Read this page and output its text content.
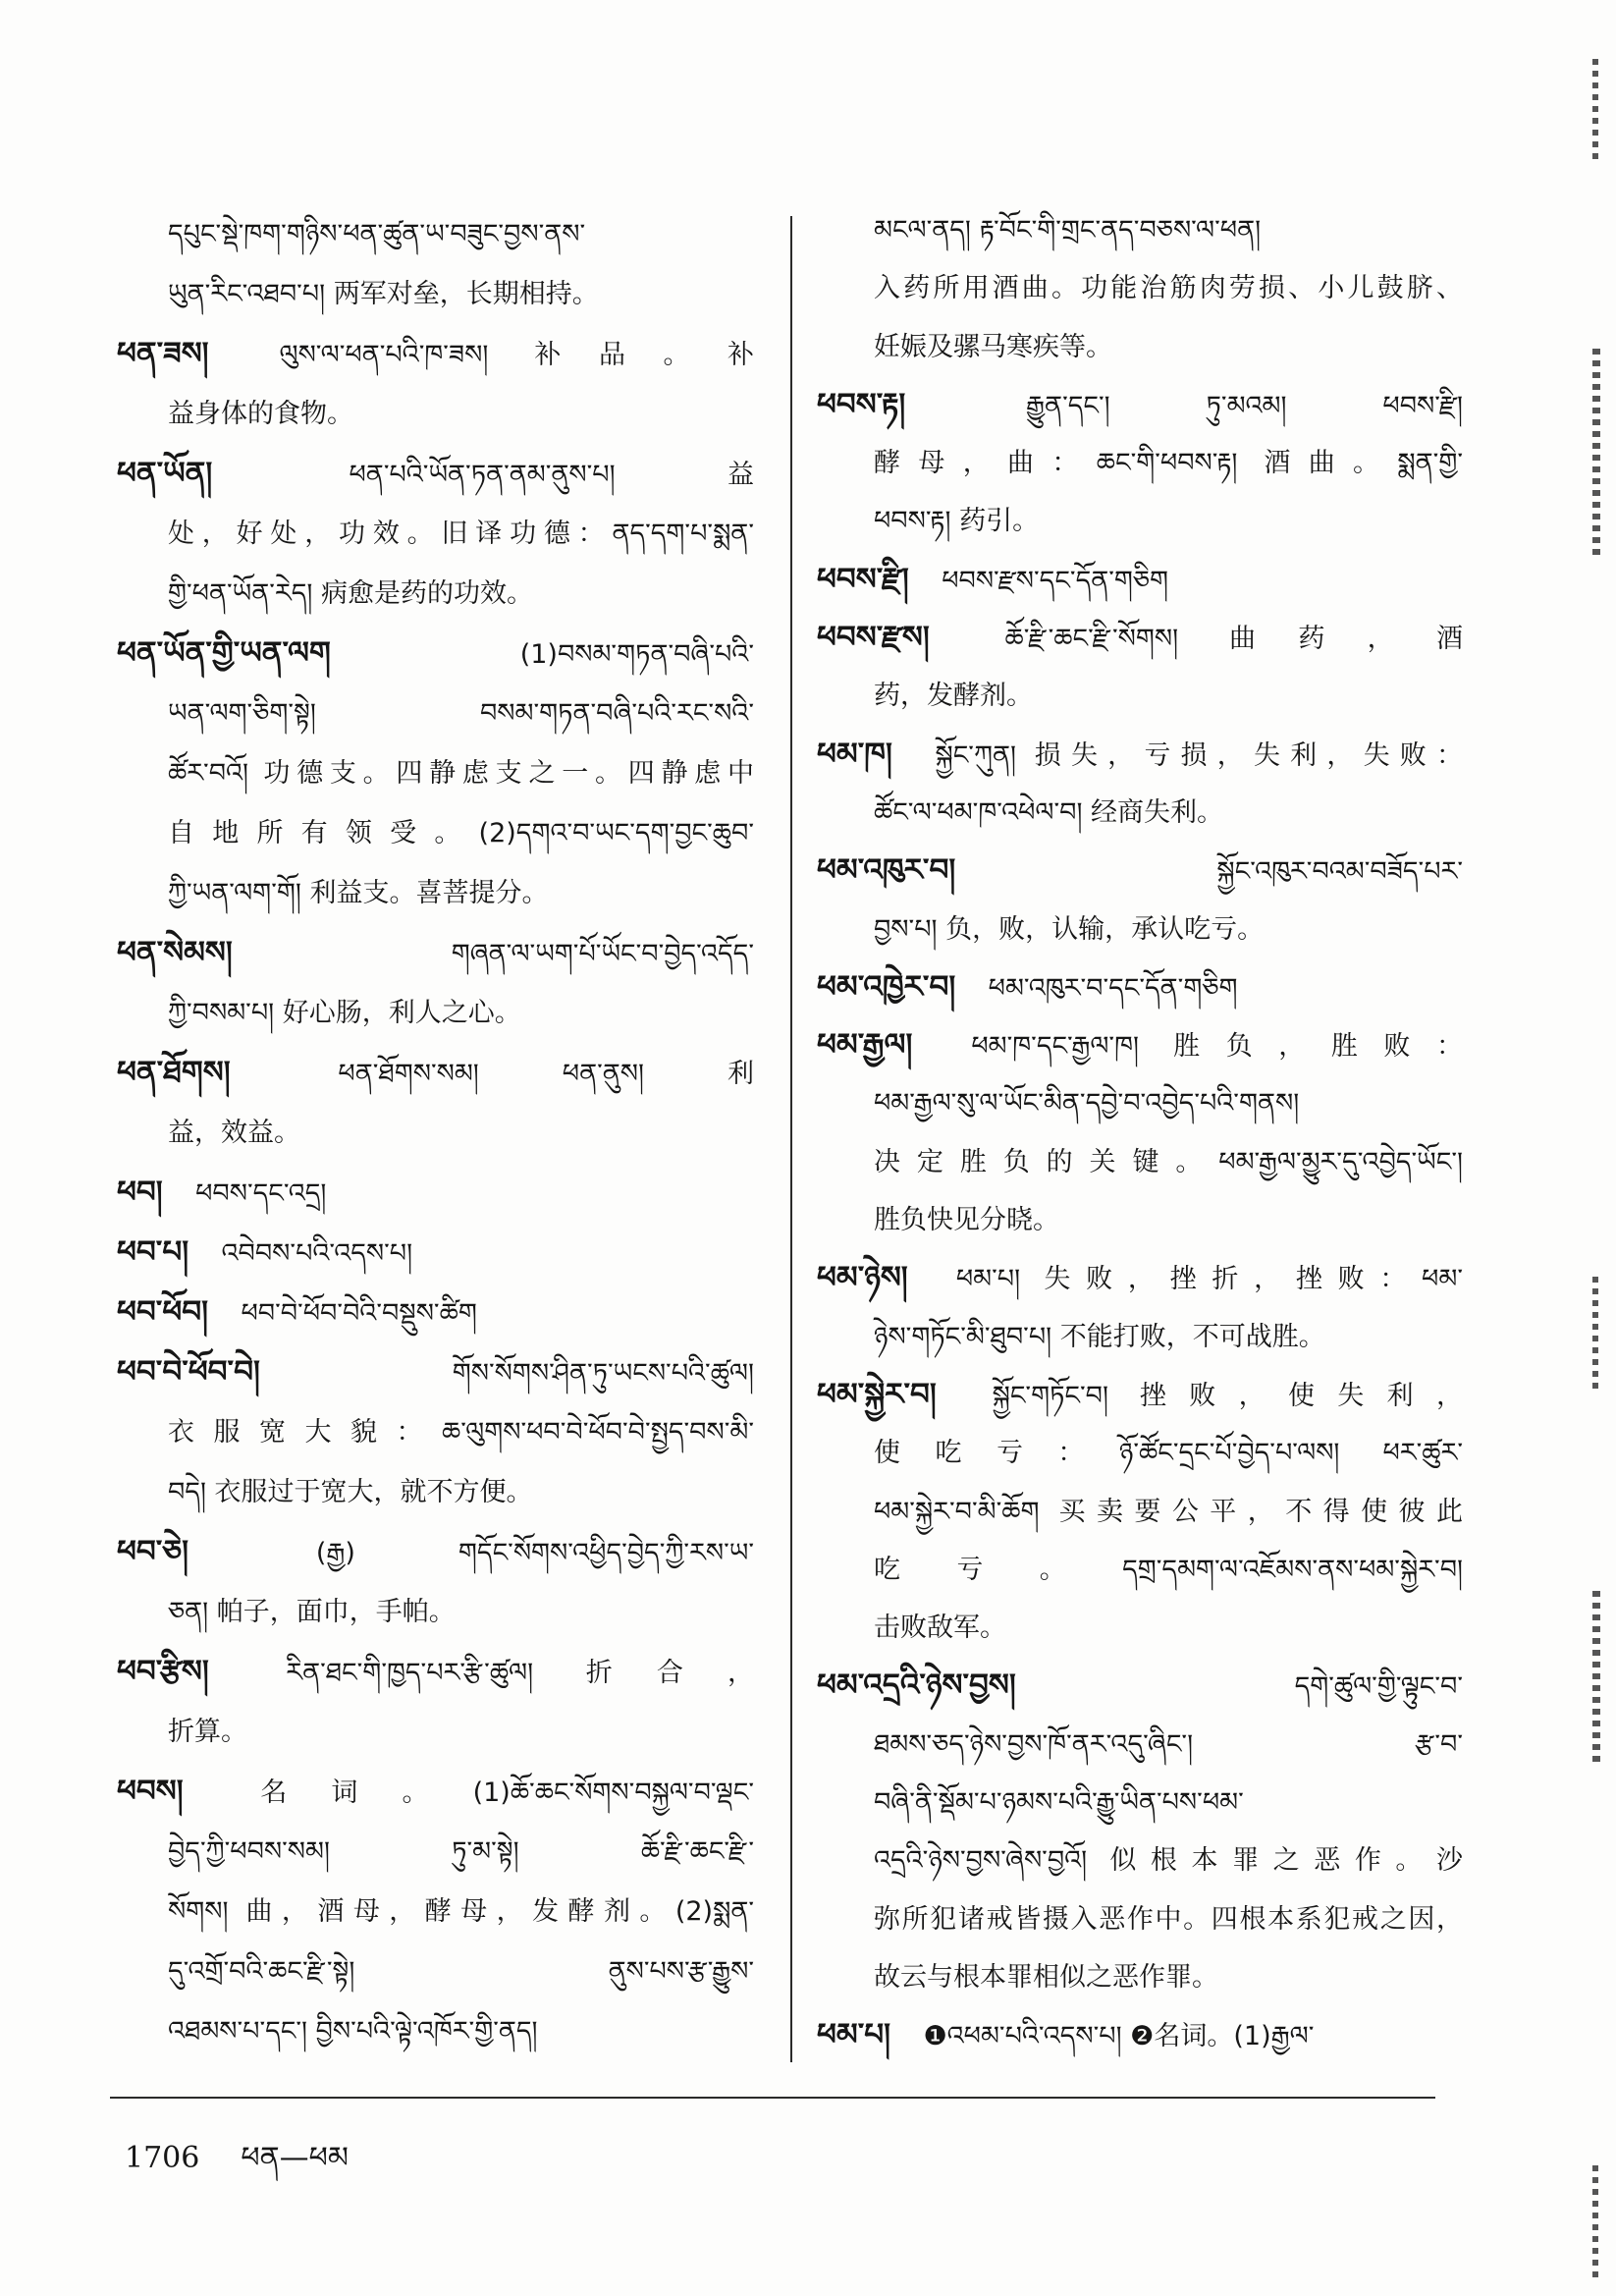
དཔུང་སྡེ་ཁག་གཉིས་ཕན་ཚུན་ཡ་བཟུང་བྱས་ནས་
ཡུན་རིང་འཐབ་པ། 两军对垒，长期相持。
ཕན་ཟས།	ལུས་ལ་ཕན་པའི་ཁ་ཟས། 补品。补
益身体的食物。
ཕན་ཡོན།	ཕན་པའི་ཡོན་ཏན་ནམ་ནུས་པ། 益
处，好处，功效。旧译功德：ནད་དག་པ་སྨན་
གྱི་ཕན་ཡོན་རེད། 病愈是药的功效。
ཕན་ཡོན་གྱི་ཡན་ལག	(1)བསམ་གཏན་བཞི་པའི་
ཡན་ལག་ཅིག་སྟེ། བསམ་གཏན་བཞི་པའི་རང་སའི་
ཚོར་བའོ། 功德支。四静虑支之一。四静虑中
自地所有领受。(2)དགའ་བ་ཡང་དག་བྱང་ཆུབ་
ཀྱི་ཡན་ལག་གོ། 利益支。喜菩提分。
ཕན་སེམས།	གཞན་ལ་ཡག་པོ་ཡོང་བ་བྱེད་འདོད་
ཀྱི་བསམ་པ། 好心肠，利人之心。
ཕན་ཐོགས།	ཕན་ཐོགས་སམ། ཕན་ནུས། 利
益，效益。
ཕབ། ཕབས་དང་འདྲ།
ཕབ་པ། འབེབས་པའི་འདས་པ།
ཕབ་ཕོབ། ཕབ་བེ་ཕོབ་བེའི་བསྡུས་ཚིག
ཕབ་བེ་ཕོབ་བེ།	གོས་སོགས་ཤིན་ཏུ་ཡངས་པའི་ཚུལ།
衣服宽大貌：ཆ་ལུགས་ཕབ་བེ་ཕོབ་བེ་སྤྱད་བས་མི་
བདེ། 衣服过于宽大，就不方便。
ཕབ་ཅེ།	(རྒྱ) གདོང་སོགས་འཕྱིད་བྱེད་ཀྱི་རས་ཡ་
ཅན། 帕子，面巾，手帕。
ཕབ་རྩིས།	རིན་ཐང་གི་ཁྱད་པར་རྩི་ཚུལ། 折合，
折算。
ཕབས།	名词。(1)ཆོ་ཆང་སོགས་བསྐྱལ་བ་ལྡང་
བྱེད་ཀྱི་ཕབས་སམ། ཏུ་མ་སྟེ། ཆོ་རྫི་ཆང་རྫི་
སོགས། 曲，酒母，酵母，发酵剂。(2)སྨན་
དུ་འགྲོ་བའི་ཆང་རྫི་སྟེ། ནུས་པས་རྩ་རྒྱུས་
འཐམས་པ་དང་། བྱིས་པའི་ལྟེ་འཁོར་གྱི་ནད།
མངལ་ནད། རྟ་བོང་གི་གྲང་ནད་བཅས་ལ་ཕན།
入药所用酒曲。功能治筋肉劳损、小儿鼓脐、
妊娠及骡马寒疾等。
ཕབས་རྟ།	རྒྱུན་དང་། ཏུ་མའམ། ཕབས་རྫི།
酵母，曲：ཆང་གི་ཕབས་རྟ། 酒曲。སྨན་གྱི་
ཕབས་རྟ། 药引。
ཕབས་རྫི། ཕབས་རྫས་དང་དོན་གཅིག
ཕབས་རྫས།	ཆོ་རྫི་ཆང་རྫི་སོགས། 曲药，酒
药，发酵剂。
ཕམ་ཁ། སྐྱོང་ཀུན། 损失，亏损，失利，失败：
ཚོང་ལ་ཕམ་ཁ་འཕེལ་བ། 经商失利。
ཕམ་འཁུར་བ།	སྐྱོང་འཁུར་བའམ་བཟོད་པར་
བྱས་པ། 负，败，认输，承认吃亏。
ཕམ་འཁྱེར་བ། ཕམ་འཁུར་བ་དང་དོན་གཅིག
ཕམ་རྒྱལ། ཕམ་ཁ་དང་རྒྱལ་ཁ། 胜负，胜败：
ཕམ་རྒྱལ་སུ་ལ་ཡོང་མིན་དབྱེ་བ་འབྱེད་པའི་གནས།
决定胜负的关键。ཕམ་རྒྱལ་མྱུར་དུ་འབྱེད་ཡོང་།
胜负快见分晓。
ཕམ་ཉེས། ཕམ་པ། 失败，挫折，挫败：ཕམ་
ཉེས་གཏོང་མི་ཐུབ་པ། 不能打败，不可战胜。
ཕམ་སྐྱེར་བ། སྐྱོང་གཏོང་བ། 挫败，使失利，
使吃亏：ཉོ་ཚོང་དྲང་པོ་བྱེད་པ་ལས། ཕར་ཚུར་
ཕམ་སྐྱེར་བ་མི་ཆོག 买卖要公平，不得使彼此
吃亏。དགྲ་དམག་ལ་འཇོམས་ནས་ཕམ་སྐྱེར་བ།
击败敌军。
ཕམ་འདྲའི་ཉེས་བྱས།	དགེ་ཚུལ་གྱི་ལྟུང་བ་
ཐམས་ཅད་ཉེས་བྱས་ཁོ་ནར་འདུ་ཞིང་། རྩ་བ་
བཞི་ནི་སྡོམ་པ་ཉམས་པའི་རྒྱུ་ཡིན་པས་ཕམ་
འདྲའི་ཉེས་བྱས་ཞེས་བྱའོ། 似根本罪之恶作。沙
弥所犯诸戒皆摄入恶作中。四根本系犯戒之因，
故云与根本罪相似之恶作罪。
ཕམ་པ། ❶འཕམ་པའི་འདས་པ། ❷名词。(1)རྒྱལ་
1706 ཕན—ཕམ
